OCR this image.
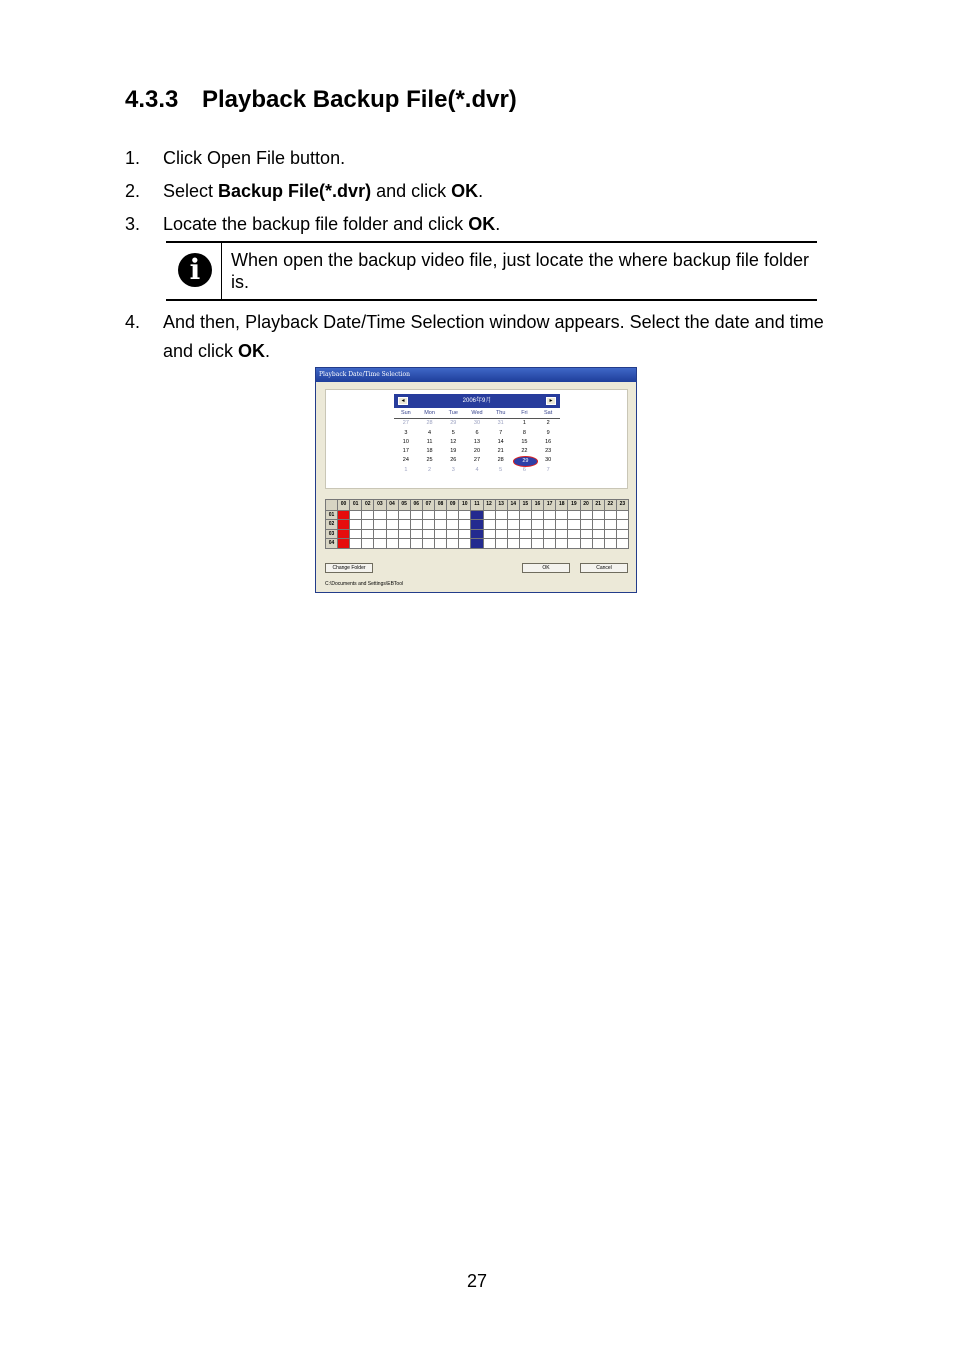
4.3.3 Playback Backup File(*.dvr)
1.	Click Open File button.
2.	Select Backup File(*.dvr) and click OK.
3.	Locate the backup file folder and click OK.
i	When open the backup video file, just locate the where backup file folder is.
4.	And then, Playback Date/Time Selection window appears. Select the date and time and click OK.
Playback Date/Time Selection
2006年9月
◂	▸
Sun	Mon	Tue	Wed	Thu	Fri	Sat
27	28	29	30	31	1	2
3	4	5	6	7	8	9
10	11	12	13	14	15	16
17	18	19	20	21	22	23
24	25	26	27	28	29	30
1	2	3	4	5	6	7
00	01	02	03	04	05	06	07	08	09	10	11	12	13	14	15	16	17	18	19	20	21	22	23
01
02
03
04
Change Folder	OK	Cancel
C:\Documents and Settings\EBTool
27
